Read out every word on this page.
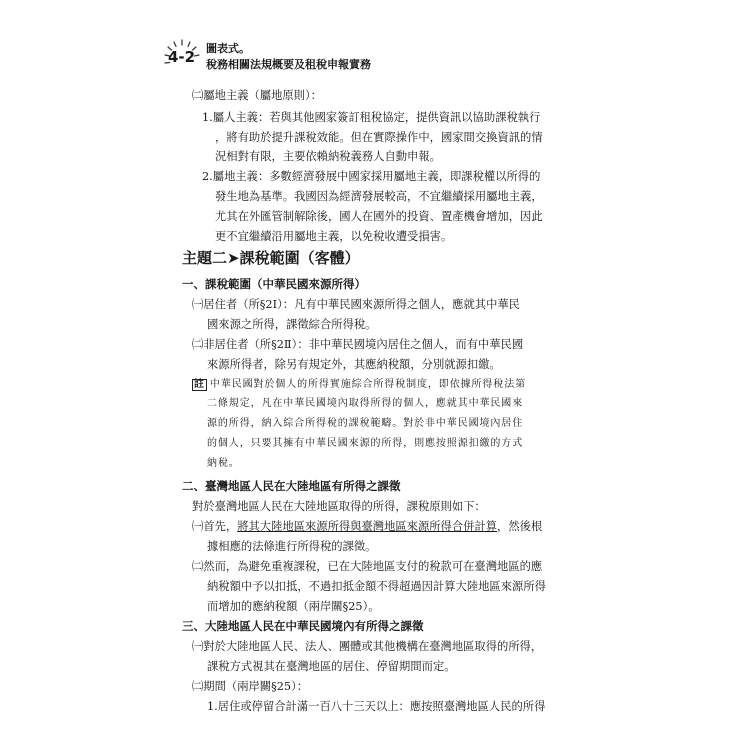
4-2 圖表式。
稅務相關法規概要及租稅申報實務
㈡屬地主義（屬地原則）：
1.屬人主義：若與其他國家簽訂租稅協定，提供資訊以協助課稅執行
，將有助於提升課稅效能。但在實際操作中，國家間交換資訊的情
況相對有限，主要依賴納稅義務人自動申報。
2.屬地主義：多數經濟發展中國家採用屬地主義，即課稅權以所得的
發生地為基準。我國因為經濟發展較高，不宜繼續採用屬地主義，
尤其在外匯管制解除後，國人在國外的投資、置產機會增加，因此
更不宜繼續沿用屬地主義，以免稅收遭受損害。
主題二➤課稅範圍（客體）
一、課稅範圍（中華民國來源所得）
㈠居住者（所§2Ⅰ）：凡有中華民國來源所得之個人，應就其中華民
國來源之所得，課徵綜合所得稅。
㈡非居住者（所§2Ⅱ）：非中華民國境內居住之個人，而有中華民國
來源所得者，除另有規定外，其應納稅額，分別就源扣繳。
註 中華民國對於個人的所得實施綜合所得稅制度，即依據所得稅法第
二條規定，凡在中華民國境內取得所得的個人，應就其中華民國來
源的所得，納入綜合所得稅的課稅範疇。對於非中華民國境內居住
的個人，只要其擁有中華民國來源的所得，則應按照源扣繳的方式
納稅。
二、臺灣地區人民在大陸地區有所得之課徵
對於臺灣地區人民在大陸地區取得的所得，課稅原則如下：
㈠首先，將其大陸地區來源所得與臺灣地區來源所得合併計算，然後根
據相應的法條進行所得稅的課徵。
㈡然而，為避免重複課稅，已在大陸地區支付的稅款可在臺灣地區的應
納稅額中予以扣抵，不過扣抵金額不得超過因計算大陸地區來源所得
而增加的應納稅額（兩岸關§25）。
三、大陸地區人民在中華民國境內有所得之課徵
㈠對於大陸地區人民、法人、團體或其他機構在臺灣地區取得的所得，
課稅方式視其在臺灣地區的居住、停留期間而定。
㈡期間（兩岸關§25）：
1.居住或停留合計滿一百八十三天以上：應按照臺灣地區人民的所得
